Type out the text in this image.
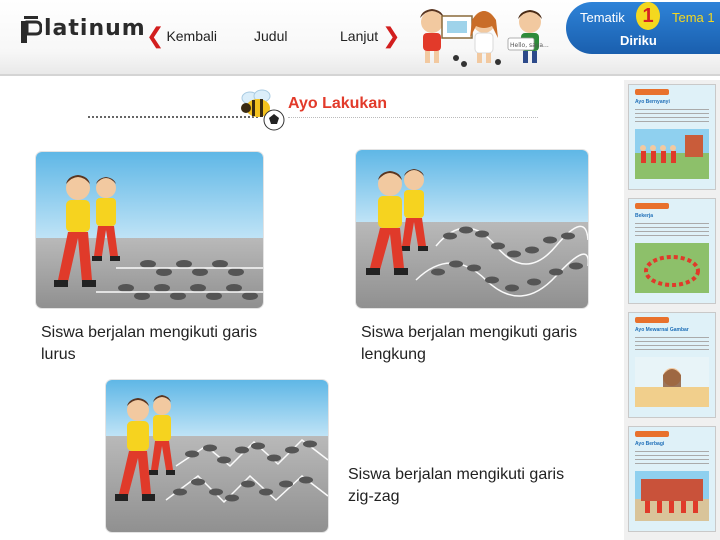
latinum ❮ Kembali	Judul	Lanjut ❯	Hello, saya...
Tematik 1	Tema 1
Diriku
Ayo Lakukan
Siswa berjalan mengikuti garis lurus
Siswa berjalan mengikuti garis lengkung
Siswa berjalan mengikuti garis zig-zag
Ayo Bernyanyi
Bekerja
Ayo Mewarnai Gambar
Ayo Berbagi
